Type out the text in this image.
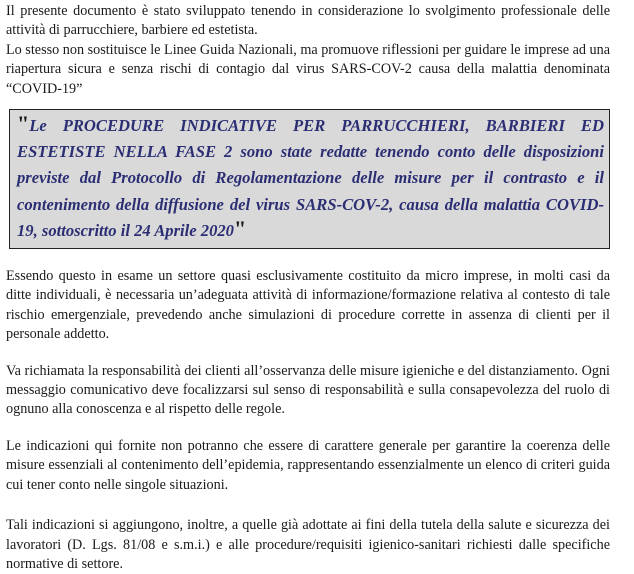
Il presente documento è stato sviluppato tenendo in considerazione lo svolgimento professionale delle attività di parrucchiere, barbiere ed estetista.

Lo stesso non sostituisce le Linee Guida Nazionali, ma promuove riflessioni per guidare le imprese ad una riapertura sicura e senza rischi di contagio dal virus SARS-COV-2 causa della malattia denominata “COVID-19”

"Le PROCEDURE INDICATIVE PER PARRUCCHIERI, BARBIERI ED ESTETISTE NELLA FASE 2 sono state redatte tenendo conto delle disposizioni previste dal Protocollo di Regolamentazione delle misure per il contrasto e il contenimento della diffusione del virus SARS-COV-2, causa della malattia COVID-19, sottoscritto il 24 Aprile 2020"

Essendo questo in esame un settore quasi esclusivamente costituito da micro imprese, in molti casi da ditte individuali, è necessaria un’adeguata attività di informazione/formazione relativa al contesto di tale rischio emergenziale, prevedendo anche simulazioni di procedure corrette in assenza di clienti per il personale addetto.

Va richiamata la responsabilità dei clienti all’osservanza delle misure igieniche e del distanziamento. Ogni messaggio comunicativo deve focalizzarsi sul senso di responsabilità e sulla consapevolezza del ruolo di ognuno alla conoscenza e al rispetto delle regole.

Le indicazioni qui fornite non potranno che essere di carattere generale per garantire la coerenza delle misure essenziali al contenimento dell’epidemia, rappresentando essenzialmente un elenco di criteri guida cui tener conto nelle singole situazioni.

Tali indicazioni si aggiungono, inoltre, a quelle già adottate ai fini della tutela della salute e sicurezza dei lavoratori (D. Lgs. 81/08 e s.m.i.) e alle procedure/requisiti igienico-sanitari richiesti dalle specifiche normative di settore.
